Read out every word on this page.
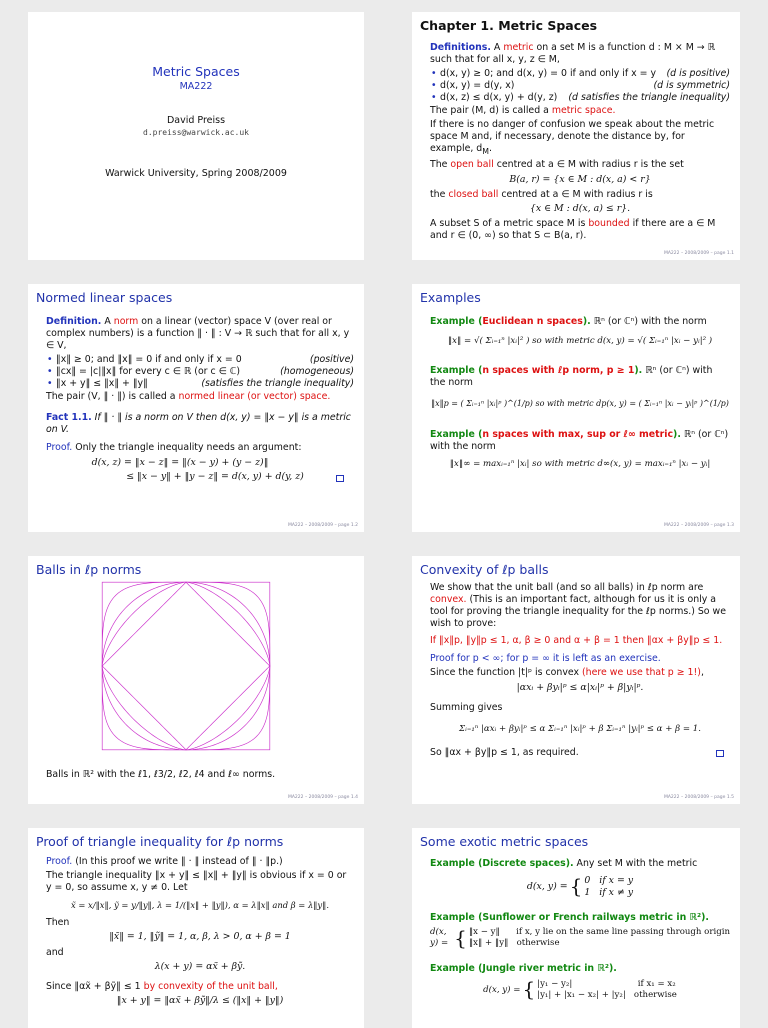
Metric Spaces
MA222
David Preiss
d.preiss@warwick.ac.uk
Warwick University, Spring 2008/2009
Chapter 1. Metric Spaces

Definitions. A metric on a set M is a function d : M × M → ℝ
such that for all x, y, z ∈ M,

• d(x, y) ≥ 0; and d(x, y) = 0 if and only if x = y (d is positive)
• d(x, y) = d(y, x)	(d is symmetric)
• d(x, z) ≤ d(x, y) + d(y, z) (d satisfies the triangle inequality)

The pair (M, d) is called a metric space.

If there is no danger of confusion we speak about the metric space M and, if necessary, denote the distance by, for example, $d_M$.

The open ball centred at a ∈ M with radius r is the set

B(a, r) = {x ∈ M : d(x, a) < r}

the closed ball centred at a ∈ M with radius r is

{x ∈ M : d(x, a) ≤ r}.

A subset S of a metric space M is bounded if there are a ∈ M and r ∈ (0, ∞) so that S ⊂ B(a, r).

MA222 – 2008/2009 – page 1.1
Normed linear spaces

Definition. A norm on a linear (vector) space V (over real or complex numbers) is a function ‖ · ‖ : V → ℝ such that for all x, y ∈ V,

• ‖x‖ ≥ 0; and ‖x‖ = 0 if and only if x = 0	(positive)
• ‖cx‖ = |c|‖x‖ for every c ∈ ℝ (or c ∈ ℂ)	(homogeneous)
• ‖x + y‖ ≤ ‖x‖ + ‖y‖	(satisfies the triangle inequality)

The pair (V, ‖ · ‖) is called a normed linear (or vector) space.

Fact 1.1. If ‖ · ‖ is a norm on V then d(x, y) = ‖x − y‖ is a metric on V.

Proof. Only the triangle inequality needs an argument:

d(x, z) = ‖x − z‖ = ‖(x − y) + (y − z)‖
≤ ‖x − y‖ + ‖y − z‖ = d(x, y) + d(y, z)
MA222 – 2008/2009 – page 1.2
Examples

Example (Euclidean n spaces). ℝⁿ (or ℂⁿ) with the norm

‖x‖ = √( Σᵢ₌₁ⁿ |xᵢ|² ) so with metric d(x, y) = √( Σᵢ₌₁ⁿ |xᵢ − yᵢ|² )

Example (n spaces with ℓp norm, p ≥ 1). ℝⁿ (or ℂⁿ) with the norm

‖x‖p = ( Σᵢ₌₁ⁿ |xᵢ|ᵖ )^(1/p) so with metric dp(x, y) = ( Σᵢ₌₁ⁿ |xᵢ − yᵢ|ᵖ )^(1/p)

Example (n spaces with max, sup or ℓ∞ metric). ℝⁿ (or ℂⁿ) with the norm

‖x‖∞ = maxᵢ₌₁ⁿ |xᵢ| so with metric d∞(x, y) = maxᵢ₌₁ⁿ |xᵢ − yᵢ|
MA222 – 2008/2009 – page 1.3
Balls in ℓp norms
Balls in ℝ² with the ℓ1, ℓ3/2, ℓ2, ℓ4 and ℓ∞ norms.
MA222 – 2008/2009 – page 1.4
Convexity of ℓp balls

We show that the unit ball (and so all balls) in ℓp norm are convex. (This is an important fact, although for us it is only a tool for proving the triangle inequality for the ℓp norms.) So we wish to prove:

If ‖x‖p, ‖y‖p ≤ 1, α, β ≥ 0 and α + β = 1 then ‖αx + βy‖p ≤ 1.

Proof for p < ∞; for p = ∞ it is left as an exercise.

Since the function |t|ᵖ is convex (here we use that p ≥ 1!),

|αxᵢ + βyᵢ|ᵖ ≤ α|xᵢ|ᵖ + β|yᵢ|ᵖ.

Summing gives

Σᵢ₌₁ⁿ |αxᵢ + βyᵢ|ᵖ ≤ α Σᵢ₌₁ⁿ |xᵢ|ᵖ + β Σᵢ₌₁ⁿ |yᵢ|ᵖ ≤ α + β = 1.

So ‖αx + βy‖p ≤ 1, as required.

MA222 – 2008/2009 – page 1.5
Proof of triangle inequality for ℓp norms

Proof. (In this proof we write ‖ · ‖ instead of ‖ · ‖p.)

The triangle inequality ‖x + y‖ ≤ ‖x‖ + ‖y‖ is obvious if x = 0 or y = 0, so assume x, y ≠ 0. Let

x̃ = x/‖x‖, ỹ = y/‖y‖, λ = 1/(‖x‖ + ‖y‖), α = λ‖x‖ and β = λ‖y‖.

Then

‖x̃‖ = 1, ‖ỹ‖ = 1, α, β, λ > 0, α + β = 1

and

λ(x + y) = αx̃ + βỹ.

Since ‖αx̃ + βỹ‖ ≤ 1 by convexity of the unit ball,

‖x + y‖ = ‖αx̃ + βỹ‖/λ ≤ (‖x‖ + ‖y‖)
Some exotic metric spaces

Example (Discrete spaces). Any set M with the metric

d(x, y) = { 0   if x = y
1   if x ≠ y

Example (Sunflower or French railways metric in ℝ²).

d(x, y) = { ‖x − y‖      if x, y lie on the same line passing through origin
‖x‖ + ‖y‖   otherwise

Example (Jungle river metric in ℝ²).

d(x, y) = { |y₁ − y₂|                        if x₁ = x₂
|y₁| + |x₁ − x₂| + |y₂|   otherwise
